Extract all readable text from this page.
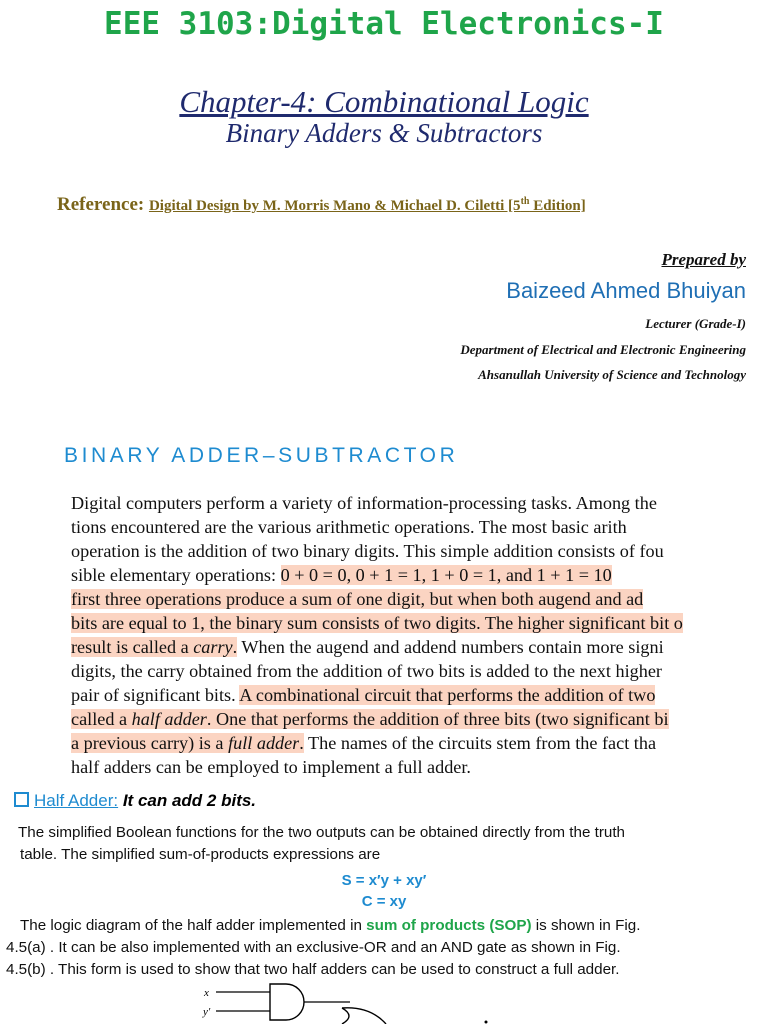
EEE 3103:Digital Electronics-I
Chapter-4: Combinational Logic
Binary Adders & Subtractors
Reference: Digital Design by M. Morris Mano & Michael D. Ciletti [5th Edition]
Prepared by
Baizeed Ahmed Bhuiyan
Lecturer (Grade-I)
Department of Electrical and Electronic Engineering
Ahsanullah University of Science and Technology
BINARY ADDER–SUBTRACTOR
Digital computers perform a variety of information-processing tasks. Among the
tions encountered are the various arithmetic operations. The most basic arith
operation is the addition of two binary digits. This simple addition consists of fou
sible elementary operations: 0 + 0 = 0, 0 + 1 = 1, 1 + 0 = 1, and 1 + 1 = 10
first three operations produce a sum of one digit, but when both augend and ad
bits are equal to 1, the binary sum consists of two digits. The higher significant bit o
result is called a carry. When the augend and addend numbers contain more signi
digits, the carry obtained from the addition of two bits is added to the next higher
pair of significant bits. A combinational circuit that performs the addition of two
called a half adder. One that performs the addition of three bits (two significant bi
a previous carry) is a full adder. The names of the circuits stem from the fact tha
half adders can be employed to implement a full adder.
Half Adder: It can add 2 bits.
The simplified Boolean functions for the two outputs can be obtained directly from the truth
table. The simplified sum-of-products expressions are
S = x′y + xy′
C = xy
The logic diagram of the half adder implemented in sum of products (SOP) is shown in Fig.
4.5(a) . It can be also implemented with an exclusive-OR and an AND gate as shown in Fig.
4.5(b) . This form is used to show that two half adders can be used to construct a full adder.
x
y′
